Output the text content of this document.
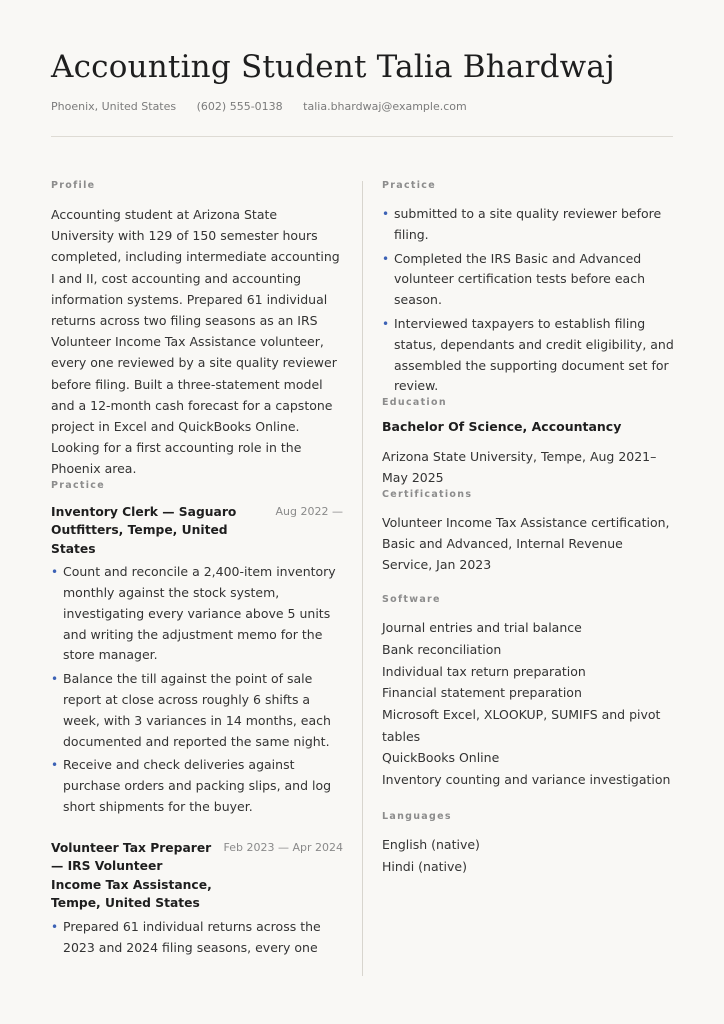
Accounting Student Talia Bhardwaj
Phoenix, United States (602) 555-0138 talia.bhardwaj@example.com

Profile

Accounting student at Arizona State University with 129 of 150 semester hours completed, including intermediate accounting I and II, cost accounting and accounting information systems. Prepared 61 individual returns across two filing seasons as an IRS Volunteer Income Tax Assistance volunteer, every one reviewed by a site quality reviewer before filing. Built a three-statement model and a 12-month cash forecast for a capstone project in Excel and QuickBooks Online. Looking for a first accounting role in the Phoenix area.

Practice

Inventory Clerk — Saguaro Outfitters, Tempe, United States
Aug 2022 —
• Count and reconcile a 2,400-item inventory monthly against the stock system, investigating every variance above 5 units and writing the adjustment memo for the store manager.
• Balance the till against the point of sale report at close across roughly 6 shifts a week, with 3 variances in 14 months, each documented and reported the same night.
• Receive and check deliveries against purchase orders and packing slips, and log short shipments for the buyer.
Volunteer Tax Preparer — IRS Volunteer Income Tax Assistance, Tempe, United States
Feb 2023 — Apr 2024
• Prepared 61 individual returns across the 2023 and 2024 filing seasons, every one

Practice

• submitted to a site quality reviewer before filing.
• Completed the IRS Basic and Advanced volunteer certification tests before each season.
• Interviewed taxpayers to establish filing status, dependants and credit eligibility, and assembled the supporting document set for review.

Education

Bachelor Of Science, Accountancy

Arizona State University, Tempe, Aug 2021– May 2025

Certifications

Volunteer Income Tax Assistance certification, Basic and Advanced, Internal Revenue Service, Jan 2023

Software

Journal entries and trial balance
Bank reconciliation
Individual tax return preparation
Financial statement preparation
Microsoft Excel, XLOOKUP, SUMIFS and pivot tables
QuickBooks Online
Inventory counting and variance investigation

Languages

English (native)
Hindi (native)
